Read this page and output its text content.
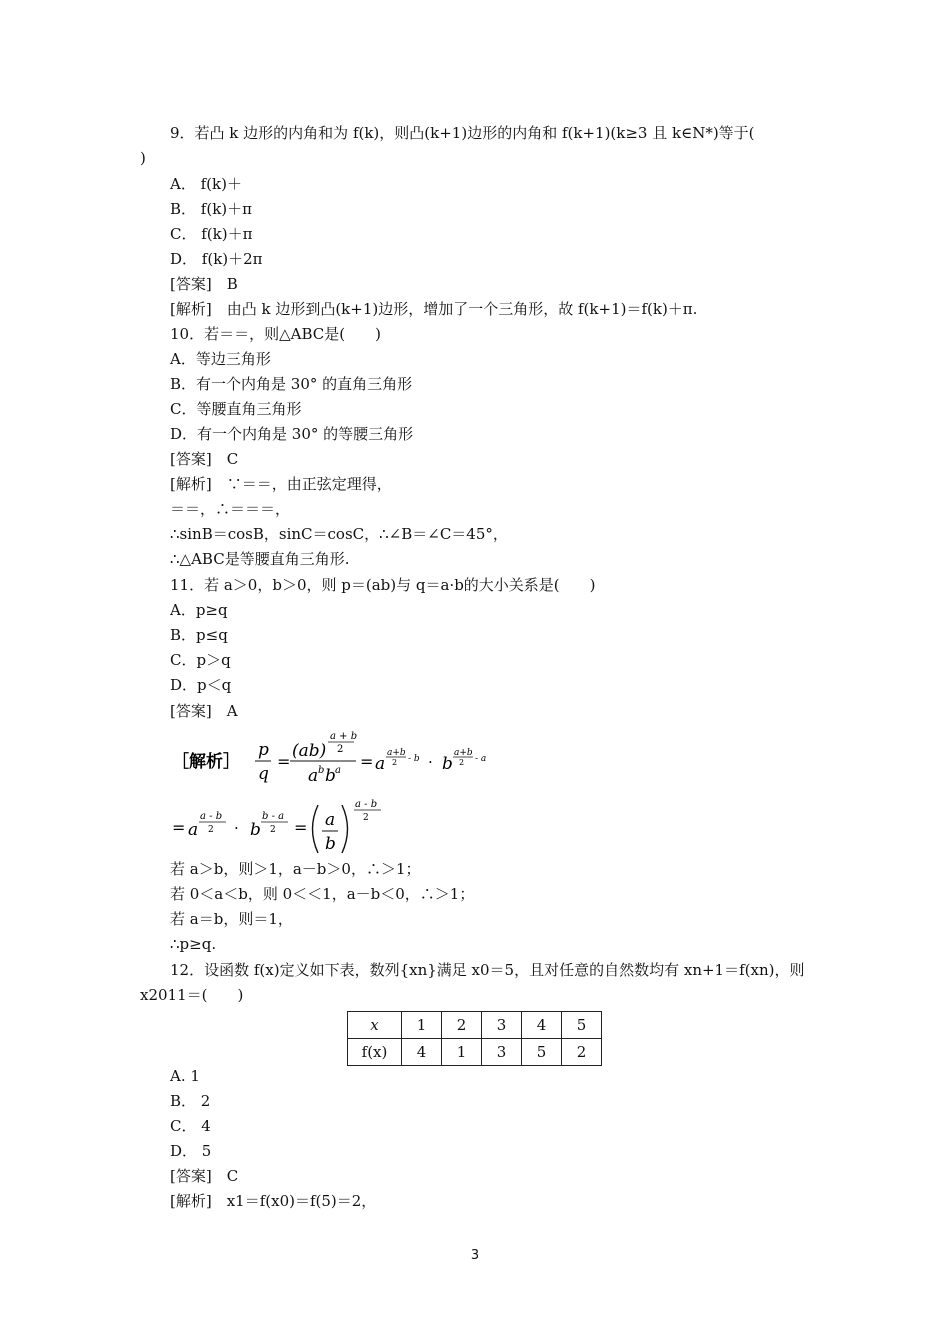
9．若凸 k 边形的内角和为 f(k)，则凸(k+1)边形的内角和 f(k+1)(k≥3 且 k∈N*)等于(
)
A． f(k)＋
B． f(k)＋π
C． f(k)＋π
D． f(k)＋2π
[答案]　B
[解析]　由凸 k 边形到凸(k+1)边形，增加了一个三角形，故 f(k+1)＝f(k)＋π.
10．若＝＝，则△ABC是(　　)
A．等边三角形
B．有一个内角是 30° 的直角三角形
C．等腰直角三角形
D．有一个内角是 30° 的等腰三角形
[答案]　C
[解析]　∵＝＝，由正弦定理得，
＝＝，∴＝＝＝，
∴sinB＝cosB，sinC＝cosC，∴∠B＝∠C＝45°，
∴△ABC是等腰直角三角形.
11．若 a＞0，b＞0，则 p＝(ab)与 q＝a·b的大小关系是(　　)
A．p≥q
B．p≤q
C．p＞q
D．p＜q
[答案]　A
［解析］
p
q
=
(ab)
a + b
2
a b b a = a
a+b
2 - b · b
a+b
2 - a
= a
a - b
2 · b
b - a
2 = a
b
a - b
2
若 a＞b，则＞1，a－b＞0，∴＞1；
若 0＜a＜b，则 0＜＜1，a－b＜0，∴＞1；
若 a＝b，则＝1，
∴p≥q.
12．设函数 f(x)定义如下表，数列{xn}满足 x0＝5，且对任意的自然数均有 xn+1＝f(xn)，则
x2011＝(　　)
x	1	2	3	4	5
f(x)	4	1	3	5	2
A. 1
B． 2
C． 4
D． 5
[答案]　C
[解析]　x1＝f(x0)＝f(5)＝2，
3
